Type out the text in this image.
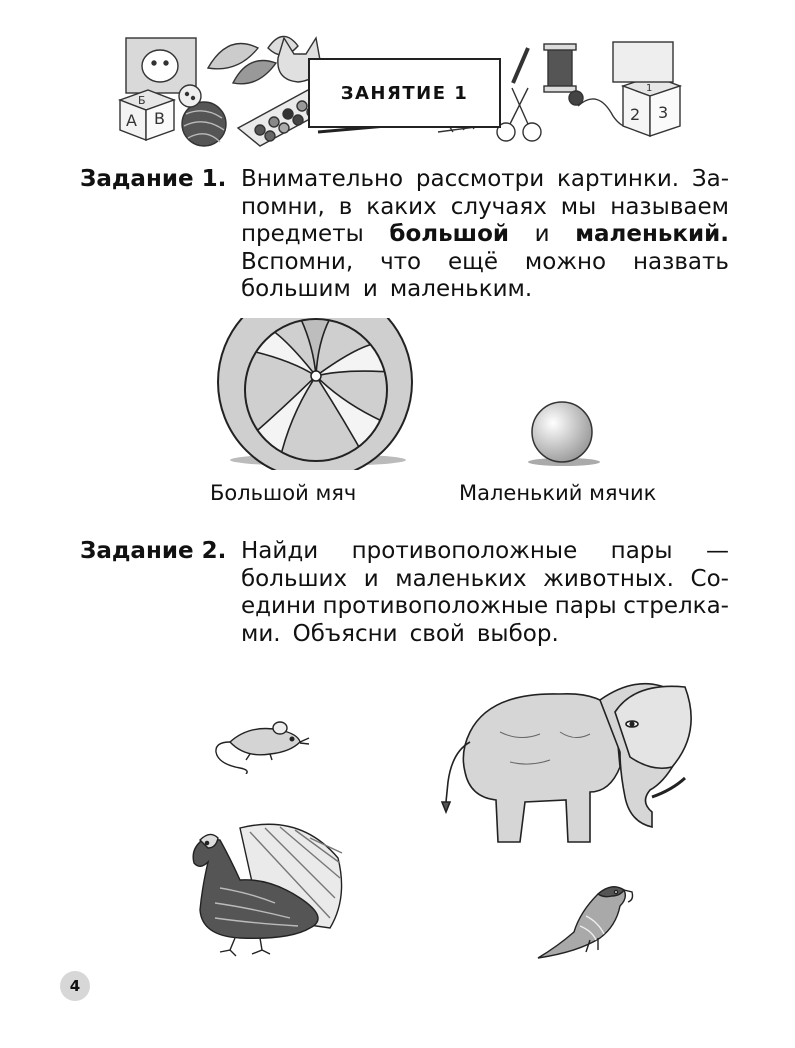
А В
Б
2 3
1
ЗАНЯТИЕ 1
Задание 1. Внимательно рассмотри картинки. За-
помни, в каких случаях мы называем
предметы большой и маленький.
Вспомни, что ещё можно назвать
большим и маленьким.
Большой мяч	Маленький мячик
Задание 2. Найди противоположные пары —
больших и маленьких животных. Со-
едини противоположные пары стрелка-
ми. Объясни свой выбор.
4
